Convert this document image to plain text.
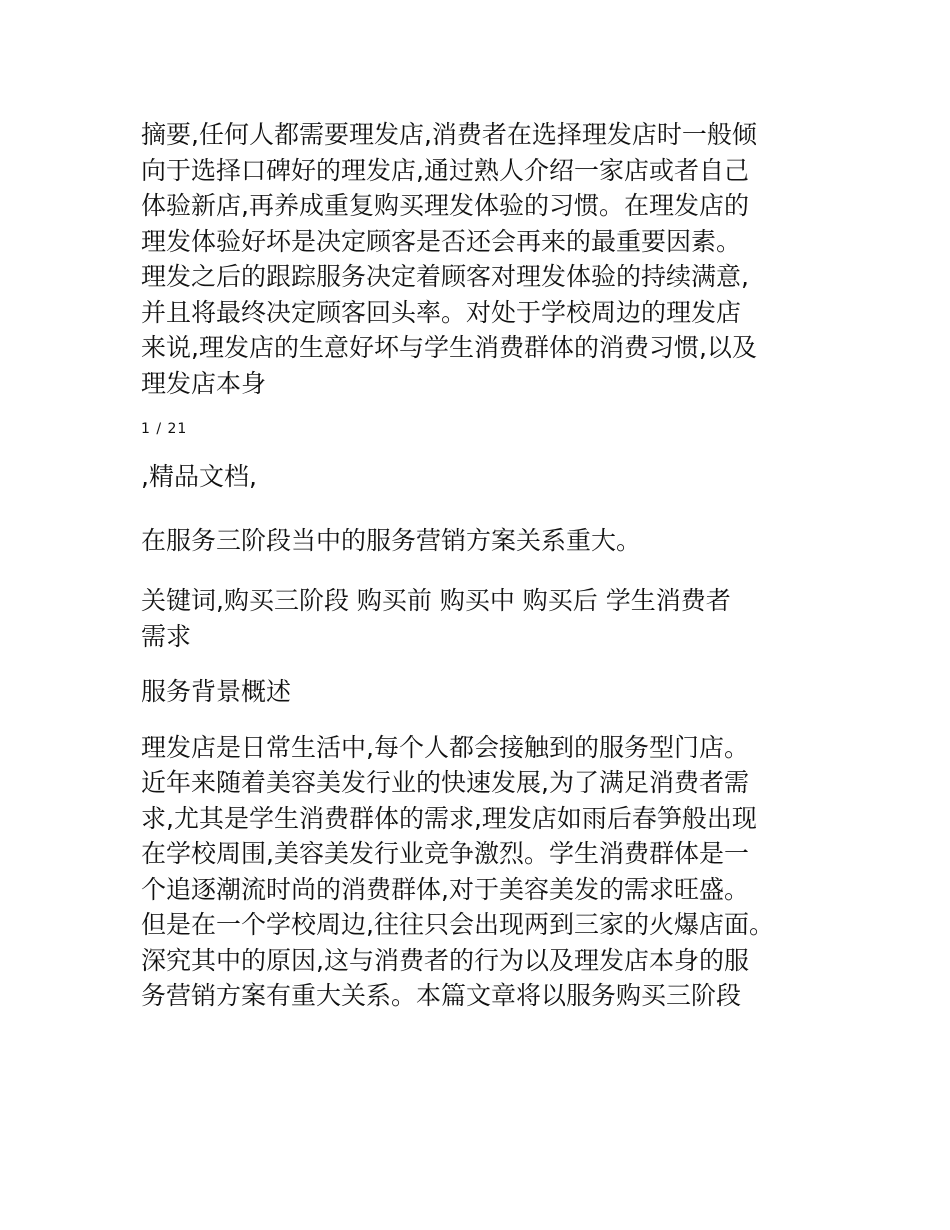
摘要,任何人都需要理发店,消费者在选择理发店时一般倾
向于选择口碑好的理发店,通过熟人介绍一家店或者自己
体验新店,再养成重复购买理发体验的习惯。在理发店的
理发体验好坏是决定顾客是否还会再来的最重要因素。
理发之后的跟踪服务决定着顾客对理发体验的持续满意,
并且将最终决定顾客回头率。对处于学校周边的理发店
来说,理发店的生意好坏与学生消费群体的消费习惯,以及
理发店本身

1 / 21

,精品文档,

在服务三阶段当中的服务营销方案关系重大。

关键词,购买三阶段 购买前 购买中 购买后 学生消费者
需求

服务背景概述

理发店是日常生活中,每个人都会接触到的服务型门店。
近年来随着美容美发行业的快速发展,为了满足消费者需
求,尤其是学生消费群体的需求,理发店如雨后春笋般出现
在学校周围,美容美发行业竞争激烈。学生消费群体是一
个追逐潮流时尚的消费群体,对于美容美发的需求旺盛。
但是在一个学校周边,往往只会出现两到三家的火爆店面。
深究其中的原因,这与消费者的行为以及理发店本身的服
务营销方案有重大关系。本篇文章将以服务购买三阶段
